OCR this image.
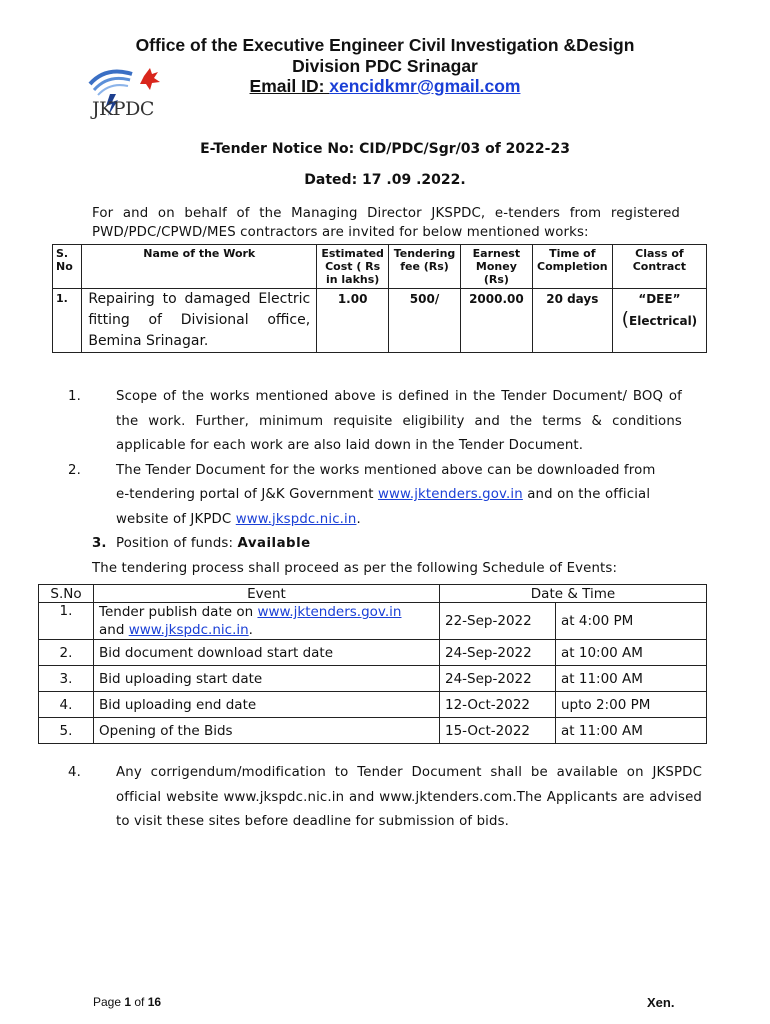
Office of the Executive Engineer Civil Investigation &Design
Division PDC Srinagar
Email ID: xencidkmr@gmail.com
JKPDC
E-Tender Notice No: CID/PDC/Sgr/03 of 2022-23
Dated: 17 .09 .2022.
For and on behalf of the Managing Director JKSPDC, e-tenders from registered PWD/PDC/CPWD/MES contractors are invited for below mentioned works:
S. No	Name of the Work	Estimated Cost ( Rs in lakhs)	Tendering fee (Rs)	Earnest Money (Rs)	Time of Completion	Class of Contract
1.	Repairing to damaged Electric fitting of Divisional office, Bemina Srinagar.	1.00	500/	2000.00	20 days	“DEE”
(Electrical)
1.	Scope of the works mentioned above is defined in the Tender Document/ BOQ of the work. Further, minimum requisite eligibility and the terms & conditions applicable for each work are also laid down in the Tender Document.
2.	The Tender Document for the works mentioned above can be downloaded from
e-tendering portal of J&K Government www.jktenders.gov.in and on the official
website of JKPDC www.jkspdc.nic.in.
3. Position of funds: Available
The tendering process shall proceed as per the following Schedule of Events:
S.No	Event	Date & Time	
1.	Tender publish date on www.jktenders.gov.in
and www.jkspdc.nic.in.	22-Sep-2022	at 4:00 PM
2.	Bid document download start date	24-Sep-2022	at 10:00 AM
3.	Bid uploading start date	24-Sep-2022	at 11:00 AM
4.	Bid uploading end date	12-Oct-2022	upto 2:00 PM
5.	Opening of the Bids	15-Oct-2022	at 11:00 AM
4.	Any corrigendum/modification to Tender Document shall be available on JKSPDC official website www.jkspdc.nic.in and www.jktenders.com.The Applicants are advised to visit these sites before deadline for submission of bids.
Page 1 of 16	Xen.
